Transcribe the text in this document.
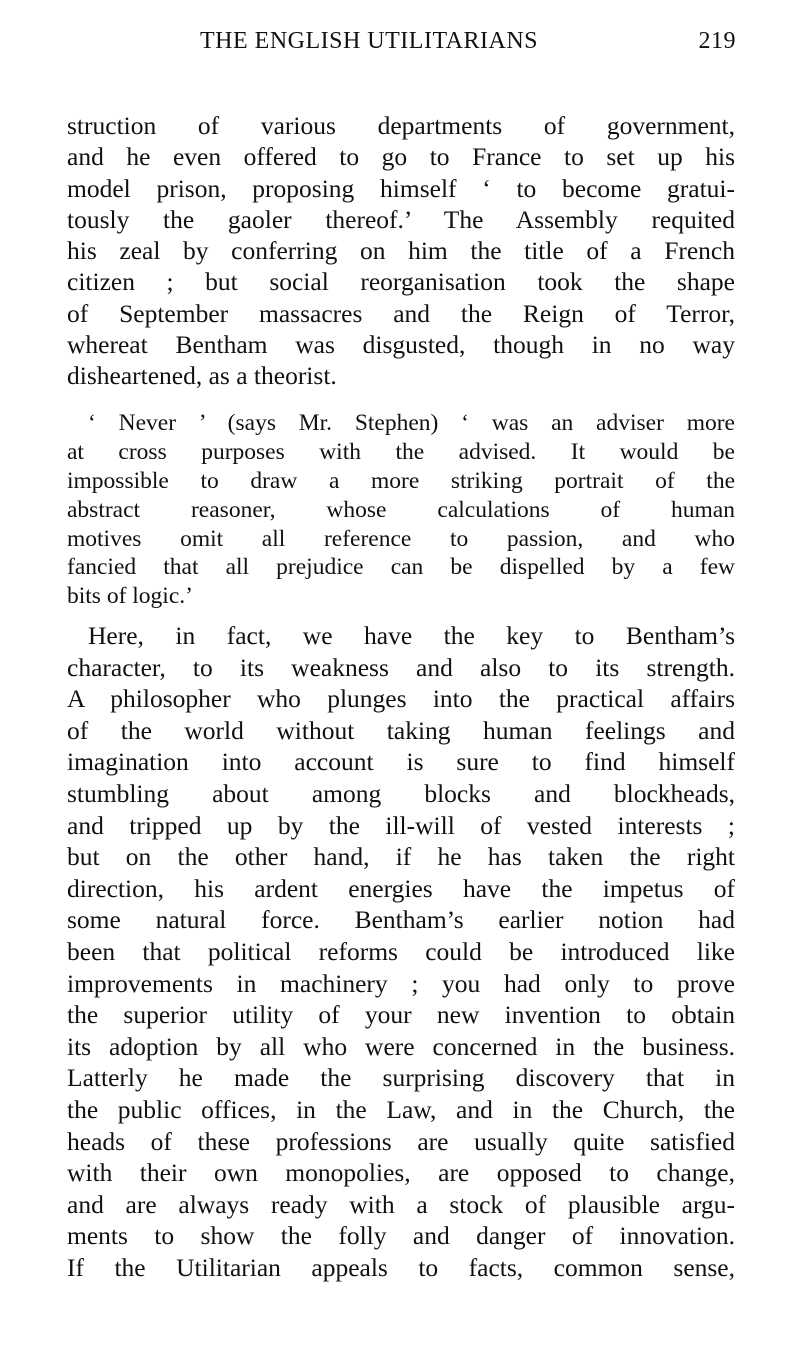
THE ENGLISH UTILITARIANS	219
struction of various departments of government,
and he even offered to go to France to set up his
model prison, proposing himself ‘ to become gratui-
tously the gaoler thereof.’ The Assembly requited
his zeal by conferring on him the title of a French
citizen ; but social reorganisation took the shape
of September massacres and the Reign of Terror,
whereat Bentham was disgusted, though in no way
disheartened, as a theorist.
‘ Never ’ (says Mr. Stephen) ‘ was an adviser more
at cross purposes with the advised. It would be
impossible to draw a more striking portrait of the
abstract reasoner, whose calculations of human
motives omit all reference to passion, and who
fancied that all prejudice can be dispelled by a few
bits of logic.’
Here, in fact, we have the key to Bentham’s
character, to its weakness and also to its strength.
A philosopher who plunges into the practical affairs
of the world without taking human feelings and
imagination into account is sure to find himself
stumbling about among blocks and blockheads,
and tripped up by the ill-will of vested interests ;
but on the other hand, if he has taken the right
direction, his ardent energies have the impetus of
some natural force. Bentham’s earlier notion had
been that political reforms could be introduced like
improvements in machinery ; you had only to prove
the superior utility of your new invention to obtain
its adoption by all who were concerned in the business.
Latterly he made the surprising discovery that in
the public offices, in the Law, and in the Church, the
heads of these professions are usually quite satisfied
with their own monopolies, are opposed to change,
and are always ready with a stock of plausible argu-
ments to show the folly and danger of innovation.
If the Utilitarian appeals to facts, common sense,
